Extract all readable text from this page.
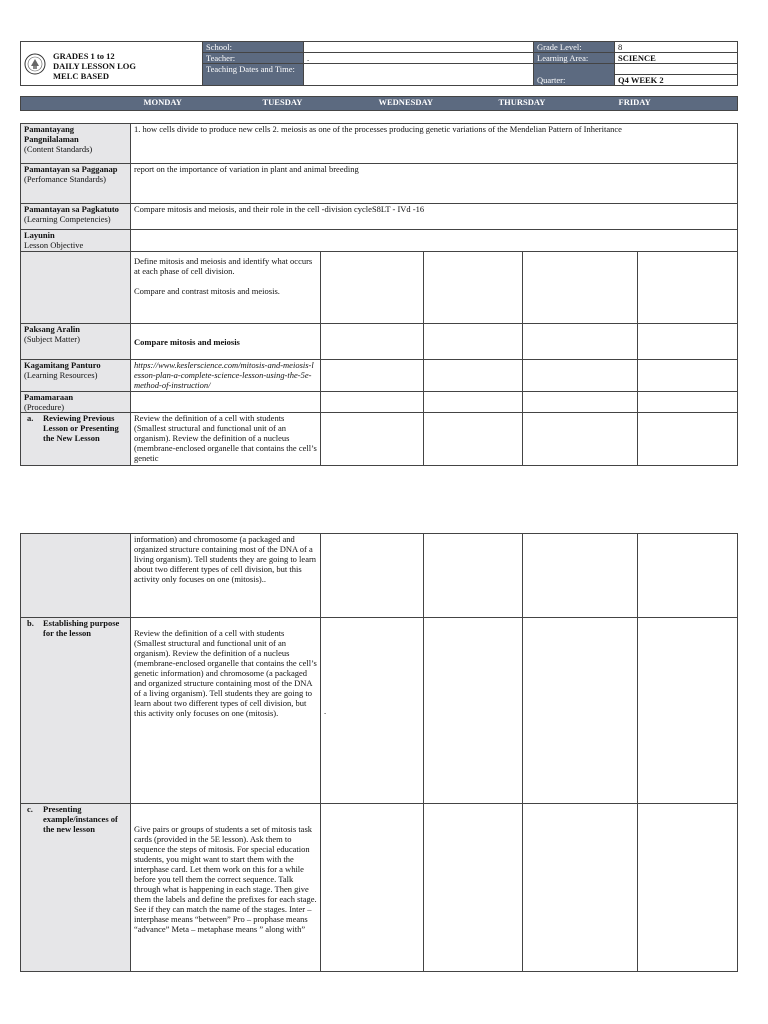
GRADES 1 to 12
DAILY LESSON LOG
MELC BASED	School:		Grade Level:	8
	Teacher:	.	Learning Area:	SCIENCE
	Teaching Dates and Time:			
			Quarter:	Q4 WEEK 2
	MONDAY	TUESDAY	WEDNESDAY	THURSDAY	FRIDAY
Pamantayang Pangnilalaman
(Content Standards)	1. how cells divide to produce new cells 2. meiosis as one of the processes producing genetic variations of the Mendelian Pattern of Inheritance				

Pamantayan sa Pagganap
(Perfomance Standards)	report on the importance of variation in plant and animal breeding				

Pamantayan sa Pagkatuto
(Learning Competencies)	Compare mitosis and meiosis, and their role in the cell -division cycleS8LT - IVd -16				

Layunin
Lesson Objective					

	Define mitosis and meiosis and identify what occurs at each phase of cell division.
Compare and contrast mitosis and meiosis.				

Paksang Aralin
(Subject Matter)	Compare mitosis and meiosis				

Kagamitang Panturo
(Learning Resources)	https://www.keslerscience.com/mitosis-and-meiosis-lesson-plan-a-complete-science-lesson-using-the-5e-method-of-instruction/				

Pamamaraan
(Procedure)					

a. Reviewing Previous Lesson or Presenting the New Lesson	Review the definition of a cell with students (Smallest structural and functional unit of an organism). Review the definition of a nucleus (membrane-enclosed organelle that contains the cell’s genetic				
	information) and chromosome (a packaged and organized structure containing most of the DNA of a living organism). Tell students they are going to learn about two different types of cell division, but this activity only focuses on one (mitosis)..				
b. Establishing purpose for the lesson	Review the definition of a cell with students (Smallest structural and functional unit of an organism). Review the definition of a nucleus (membrane-enclosed organelle that contains the cell’s genetic information) and chromosome (a packaged and organized structure containing most of the DNA of a living organism). Tell students they are going to learn about two different types of cell division, but this activity only focuses on one (mitosis).	.			
c. Presenting example/instances of the new lesson	Give pairs or groups of students a set of mitosis task cards (provided in the 5E lesson). Ask them to sequence the steps of mitosis. For special education students, you might want to start them with the interphase card. Let them work on this for a while before you tell them the correct sequence. Talk through what is happening in each stage. Then give them the labels and define the prefixes for each stage. See if they can match the name of the stages. Inter – interphase means “between” Pro – prophase means “advance” Meta – metaphase means ” along with”				
